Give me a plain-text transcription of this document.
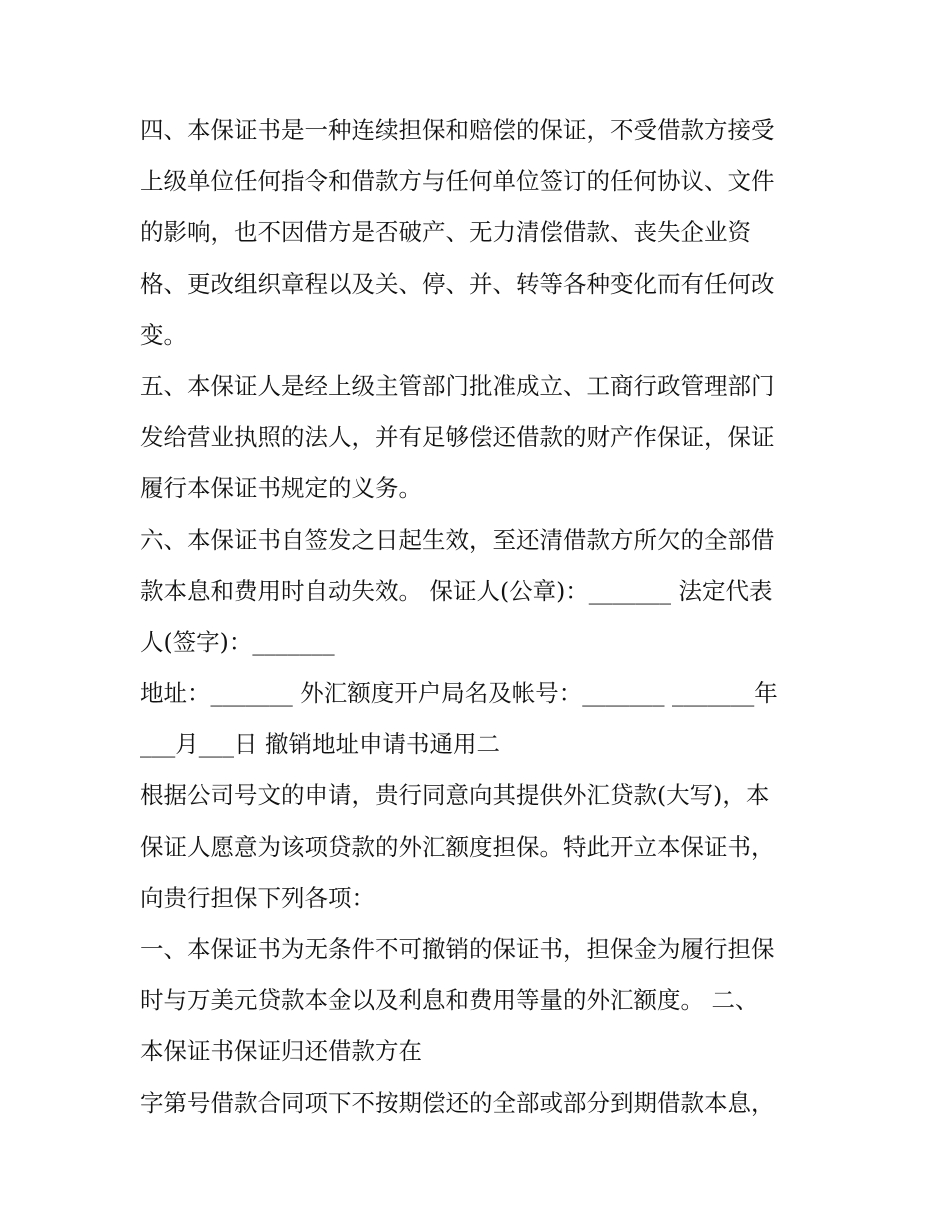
四、本保证书是一种连续担保和赔偿的保证，不受借款方接受
上级单位任何指令和借款方与任何单位签订的任何协议、文件
的影响，也不因借方是否破产、无力清偿借款、丧失企业资
格、更改组织章程以及关、停、并、转等各种变化而有任何改
变。
五、本保证人是经上级主管部门批准成立、工商行政管理部门
发给营业执照的法人，并有足够偿还借款的财产作保证，保证
履行本保证书规定的义务。
六、本保证书自签发之日起生效，至还清借款方所欠的全部借
款本息和费用时自动失效。 保证人(公章)：_______ 法定代表
人(签字)：_______
地址：_______ 外汇额度开户局名及帐号：_______ _______年
___月___日 撤销地址申请书通用二
根据公司号文的申请，贵行同意向其提供外汇贷款(大写)，本
保证人愿意为该项贷款的外汇额度担保。特此开立本保证书，
向贵行担保下列各项：
一、本保证书为无条件不可撤销的保证书，担保金为履行担保
时与万美元贷款本金以及利息和费用等量的外汇额度。 二、
本保证书保证归还借款方在
字第号借款合同项下不按期偿还的全部或部分到期借款本息，
